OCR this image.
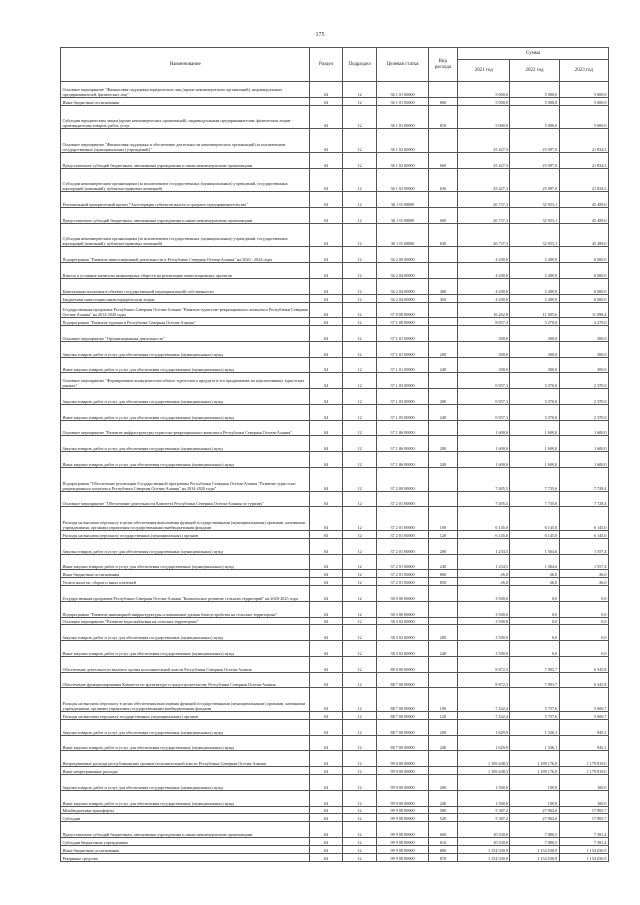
175
Наименование	Раздел	Подраздел	Целевая статья	Вид расхода	Сумма		
					2021 год	2022 год	2023 год
Основное мероприятие "Финансовая поддержка юридических лиц (кроме некоммерческих организаций), индивидуальных предпринимателей, физических лиц"	04	12	36 1 01 00000		5 000,0	5 000,0	5 000,0
Иные бюджетные ассигнования	04	12	36 1 01 00000	800	5 000,0	5 000,0	5 000,0
Субсидии юридическим лицам (кроме некоммерческих организаций), индивидуальным предпринимателям, физическим лицам - производителям товаров, работ, услуг	04	12	36 1 01 00000	810	5 000,0	5 000,0	5 000,0
Основное мероприятие "Финансовая поддержка и обеспечение деятельности некоммерческих организаций (за исключением государственных (муниципальных) учреждений)"	04	12	36 1 02 00000		25 427,3	25 097,0	21 834,5
Предоставление субсидий бюджетным, автономным учреждениям и иным некоммерческим организациям	04	12	36 1 02 00000	600	25 427,3	25 097,0	21 834,5
Субсидии некоммерческим организациям (за исключением государственных (муниципальных) учреждений, государственных корпораций (компаний), публично-правовых компаний)	04	12	36 1 02 00000	630	25 427,3	25 097,0	21 834,5
Региональный приоритетный проект "Акселерация субъектов малого и среднего предпринимательства"	04	12	36 1 I5 00000		26 737,3	32 953,1	45 499,0
Предоставление субсидий бюджетным, автономным учреждениям и иным некоммерческим организациям	04	12	36 1 I5 00000	600	26 737,3	32 953,1	45 499,0
Субсидии некоммерческим организациям (за исключением государственных (муниципальных) учреждений, государственных корпораций (компаний), публично-правовых компаний)	04	12	36 1 I5 00000	630	26 737,3	32 953,1	45 499,0
Подпрограмма "Развитие инвестиционной деятельности в Республике Северная Осетия-Алания" на 2020 - 2024 годы	04	12	36 2 00 00000		4 200,0	5 400,0	6 000,0
Взносы в уставные капиталы акционерных обществ на реализацию инвестиционных проектов	04	12	36 2 04 00000		4 200,0	5 400,0	6 000,0
Капитальные вложения в объекты государственной (муниципальной) собственности	04	12	36 2 04 00000	400	4 200,0	5 400,0	6 000,0
Бюджетные инвестиции иным юридическим лицам	04	12	36 2 04 00000	450	4 200,0	5 400,0	6 000,0
Государственная программа Республики Северная Осетия-Алания "Развитие туристско-рекреационного комплекса Республики Северная Осетия-Алания" на 2014-2020 годы	04	12	37 0 00 00000		16 262,8	11 005,6	11 098,4
Подпрограмма "Развитие туризма в Республике Северная Осетия-Алания"	04	12	37 1 00 00000		8 857,3	3 270,0	4 270,0
Основное мероприятие "Организационная деятельность"	04	12	37 1 01 00000		300,0	300,0	300,0
Закупка товаров, работ и услуг для обеспечения государственных (муниципальных) нужд	04	12	37 1 01 00000	200	300,0	300,0	300,0
Иные закупки товаров, работ и услуг для обеспечения государственных (муниципальных) нужд	04	12	37 1 01 00000	240	300,0	300,0	300,0
Основное мероприятие "Формирование конкурентоспособного туристского продукта и его продвижение на перспективных туристских рынках"	04	12	37 1 03 00000		6 957,3	3 370,0	2 370,0
Закупка товаров, работ и услуг для обеспечения государственных (муниципальных) нужд	04	12	37 1 03 00000	200	6 957,3	3 370,0	2 370,0
Иные закупки товаров, работ и услуг для обеспечения государственных (муниципальных) нужд	04	12	37 1 05 00000	240	6 957,3	3 370,0	2 370,0
Основное мероприятие "Развитие инфраструктуры туристско-рекреационного комплекса Республики Северная Осетия-Алания"	04	12	37 1 06 00000		1 600,0	1 600,0	1 600,0
Закупка товаров, работ и услуг для обеспечения государственных (муниципальных) нужд	04	12	37 1 06 00000	200	1 600,0	1 600,0	1 600,0
Иные закупки товаров, работ и услуг для обеспечения государственных (муниципальных) нужд	04	12	37 1 06 00000	240	1 600,0	1 600,0	1 600,0
Подпрограмма "Обеспечение реализации Государственной программы Республики Северная Осетия-Алания "Развитие туристско-рекреационного комплекса Республики Северная Осетия-Алания" на 2014-2020 годы"	04	12	37 2 00 00000		7 405,5	7 735,6	7 728,4
Основное мероприятие "Обеспечение деятельности Комитета Республики Северная Осетия-Алания по туризму"	04	12	37 2 01 00000		7 405,5	7 735,6	7 728,4
Расходы на выплаты персоналу в целях обеспечения выполнения функций государственными (муниципальными) органами, казенными учреждениями, органами управления государственными внебюджетными фондами	04	12	37 2 01 00000	100	6 145,0	6 145,0	6 145,0
Расходы на выплаты персоналу государственных (муниципальных) органов	04	12	37 2 01 00000	120	6 145,0	6 145,0	6 145,0
Закупка товаров, работ и услуг для обеспечения государственных (муниципальных) нужд	04	12	37 2 01 00000	200	1 234,5	1 564,6	1 557,4
Иные закупки товаров, работ и услуг для обеспечения государственных (муниципальных) нужд	04	12	37 2 01 00000	240	1 234,5	1 564,6	1 557,4
Иные бюджетные ассигнования	04	12	37 2 01 00000	800	26,0	26,0	26,0
Уплата налогов, сборов и иных платежей	04	12	37 2 01 00000	850	26,0	26,0	26,0
Государственная программа Республики Северная Осетия-Алания "Комплексное развитие сельских территорий" на 2020-2025 годы	04	12	38 0 00 00000		3 500,0	0,0	0,0
Подпрограмма "Развитие инженерной инфраструктуры и повышение уровня благоустройства на сельских территориях"	04	12	38 3 00 00000		3 500,0	0,0	0,0
Основное мероприятие "Развитие водоснабжения на сельских территориях"	04	12	38 3 02 00000		3 500,0	0,0	0,0
Закупка товаров, работ и услуг для обеспечения государственных (муниципальных) нужд	04	12	38 3 02 00000	200	3 500,0	0,0	0,0
Иные закупки товаров, работ и услуг для обеспечения государственных (муниципальных) нужд	04	12	38 3 02 00000	240	3 500,0	0,0	0,0
Обеспечение деятельности высшего органа исполнительной власти Республики Северная Осетия-Алания	04	12	88 0 00 00000		8 872,3	7 093,7	6 545,8
Обеспечение функционирования Комитета по архитектуре и градостроительству Республики Северная Осетия-Алания	04	12	88 7 00 00000		8 872,3	7 093,7	6 545,8
Расходы на выплаты персоналу в целях обеспечения выполнения функций государственными (муниципальными) органами, казенными учреждениями, органами управления государственными внебюджетными фондами	04	12	88 7 00 00000	100	7 242,4	5 757,6	5 600,7
Расходы на выплаты персоналу государственных (муниципальных) органов	04	12	88 7 00 00000	120	7 242,4	5 757,6	5 600,7
Закупка товаров, работ и услуг для обеспечения государственных (муниципальных) нужд	04	12	88 7 00 00000	200	1 629,9	1 336,1	945,1
Иные закупки товаров, работ и услуг для обеспечения государственных (муниципальных) нужд	04	12	88 7 00 00000	240	1 629,9	1 336,1	945,1
Непрограммные расходы республиканских органов исполнительной власти Республики Северная Осетия-Алания	04	12	99 0 00 00000		1 169 448,3	1 189 176,0	1 179 819,0
Иные непрограммные расходы	04	12	99 9 00 00000		1 169 448,3	1 189 176,0	1 179 819,0
Закупка товаров, работ и услуг для обеспечения государственных (муниципальных) нужд	04	12	99 9 00 00000	200	1 500,0	100,0	100,0
Иные закупки товаров, работ и услуг для обеспечения государственных (муниципальных) нужд	04	12	99 9 00 00000	240	1 500,0	100,0	100,0
Межбюджетные трансферты	04	12	99 9 00 00000	500	5 387,2	27 964,6	17 905,7
Субсидии	04	12	99 9 00 00000	520	5 387,2	27 964,6	17 905,7
Предоставление субсидий бюджетным, автономным учреждениям и иным некоммерческим организациям	04	12	99 9 00 00000	600	10 530,0	7 080,5	7 581,4
Субсидии бюджетным учреждениям	04	12	99 9 00 00000	610	10 530,0	7 080,5	7 581,4
Иные бюджетные ассигнования	04	12	99 9 00 00000	800	1 154 030,9	1 154 030,9	1 154 030,9
Резервные средства	04	12	99 9 00 00000	870	1 154 030,9	1 154 030,9	1 154 030,9
